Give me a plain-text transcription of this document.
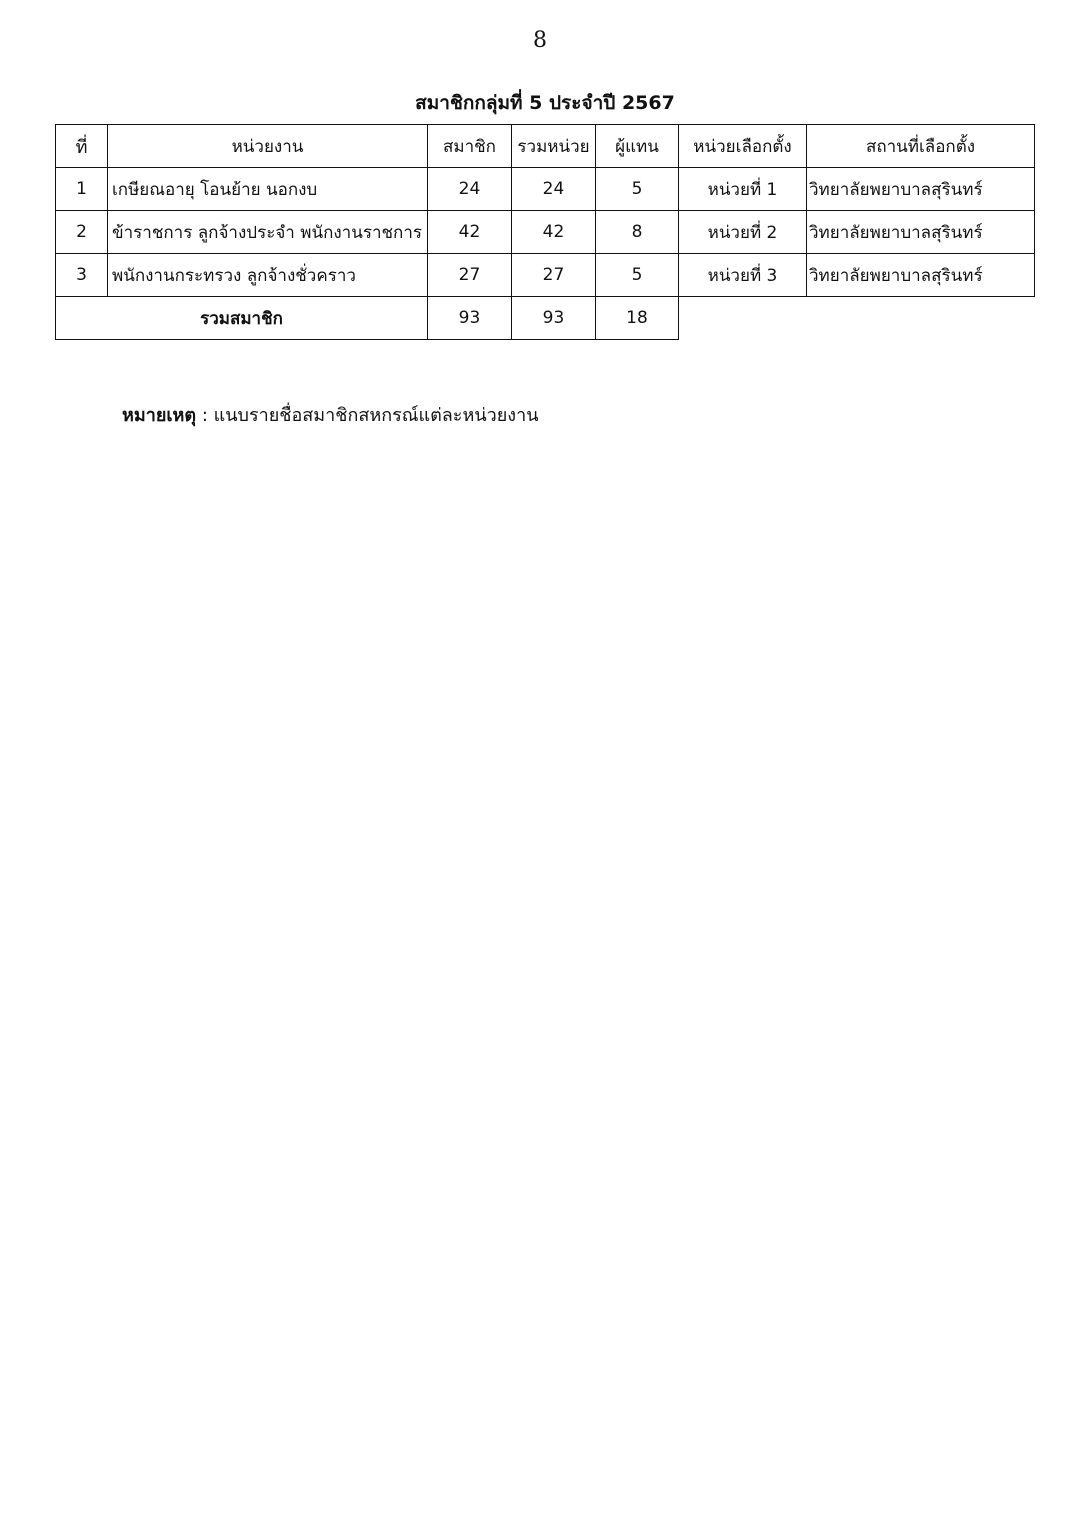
8
สมาชิกกลุ่มที่ 5 ประจำปี 2567
ที่	หน่วยงาน	สมาชิก	รวมหน่วย	ผู้แทน	หน่วยเลือกตั้ง	สถานที่เลือกตั้ง
1	เกษียณอายุ โอนย้าย นอกงบ	24	24	5	หน่วยที่ 1	วิทยาลัยพยาบาลสุรินทร์
2	ข้าราชการ ลูกจ้างประจำ พนักงานราชการ	42	42	8	หน่วยที่ 2	วิทยาลัยพยาบาลสุรินทร์
3	พนักงานกระทรวง ลูกจ้างชั่วคราว	27	27	5	หน่วยที่ 3	วิทยาลัยพยาบาลสุรินทร์
รวมสมาชิก		93	93	18		
หมายเหตุ : แนบรายชื่อสมาชิกสหกรณ์แต่ละหน่วยงาน
